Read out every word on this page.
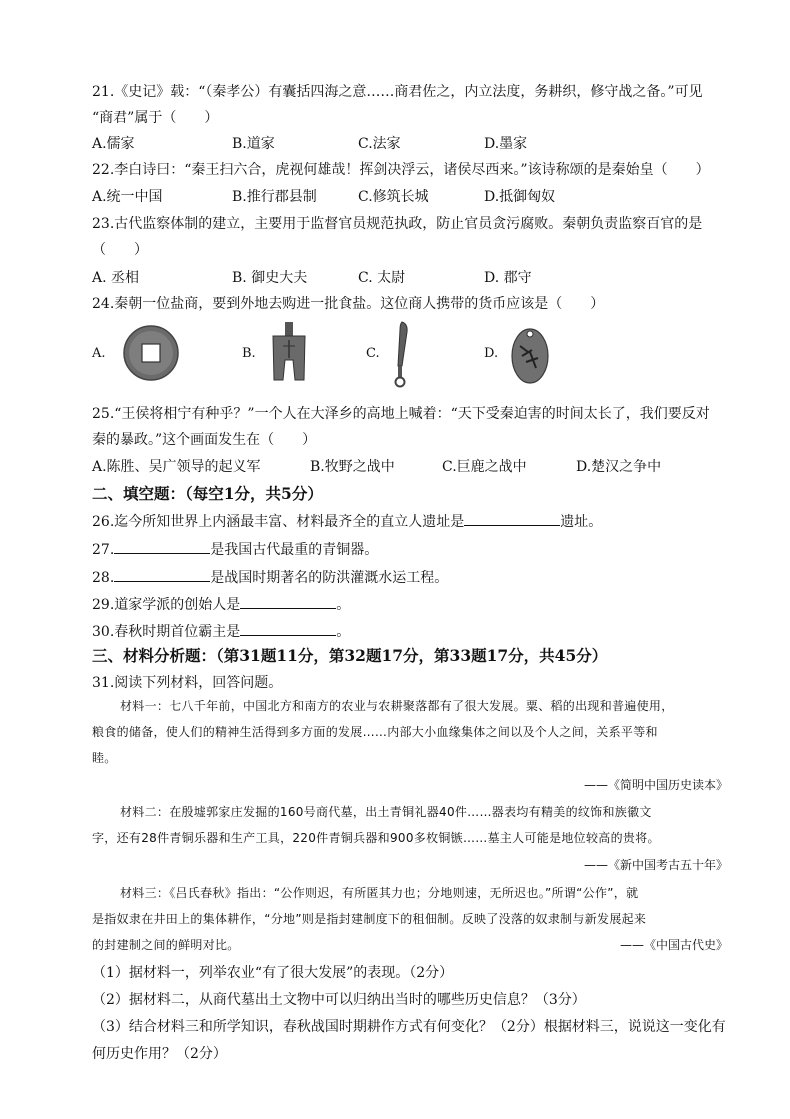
21.《史记》载：“（秦孝公）有囊括四海之意……商君佐之，内立法度，务耕织，修守战之备。”可见
“商君”属于（　　）
A.儒家	B.道家	C.法家	D.墨家
22.李白诗曰：“秦王扫六合，虎视何雄哉！挥剑决浮云，诸侯尽西来。”该诗称颂的是秦始皇（　　）
A.统一中国	B.推行郡县制	C.修筑长城	D.抵御匈奴
23.古代监察体制的建立，主要用于监督官员规范执政，防止官员贪污腐败。秦朝负责监察百官的是
（　　）
A. 丞相	B. 御史大夫	C. 太尉	D. 郡守
24.秦朝一位盐商，要到外地去购进一批食盐。这位商人携带的货币应该是（　　）
A.	B.	C.	D.
25.“王侯将相宁有种乎？”一个人在大泽乡的高地上喊着：“天下受秦迫害的时间太长了，我们要反对
秦的暴政。”这个画面发生在（　　）
A.陈胜、吴广领导的起义军	B.牧野之战中	C.巨鹿之战中	D.楚汉之争中
二、填空题：（每空1分，共5分）
26.迄今所知世界上内涵最丰富、材料最齐全的直立人遗址是	遗址。
27.	是我国古代最重的青铜器。
28.	是战国时期著名的防洪灌溉水运工程。
29.道家学派的创始人是	。
30.春秋时期首位霸主是	。
三、材料分析题：（第31题11分，第32题17分，第33题17分，共45分）
31.阅读下列材料，回答问题。
材料一：七八千年前，中国北方和南方的农业与农耕聚落都有了很大发展。粟、稻的出现和普遍使用，
粮食的储备，使人们的精神生活得到多方面的发展……内部大小血缘集体之间以及个人之间，关系平等和
睦。
——《简明中国历史读本》
材料二：在殷墟郭家庄发掘的160号商代墓，出土青铜礼器40件……器表均有精美的纹饰和族徽文
字，还有28件青铜乐器和生产工具，220件青铜兵器和900多枚铜镞……墓主人可能是地位较高的贵将。
——《新中国考古五十年》
材料三：《吕氏春秋》指出：“公作则迟，有所匿其力也；分地则速，无所迟也。”所谓“公作”，就
是指奴隶在井田上的集体耕作，“分地”则是指封建制度下的租佃制。反映了没落的奴隶制与新发展起来
的封建制之间的鲜明对比。	——《中国古代史》
（1）据材料一，列举农业“有了很大发展”的表现。（2分）
（2）据材料二，从商代墓出土文物中可以归纳出当时的哪些历史信息？（3分）
（3）结合材料三和所学知识，春秋战国时期耕作方式有何变化？（2分）根据材料三，说说这一变化有
何历史作用？（2分）
